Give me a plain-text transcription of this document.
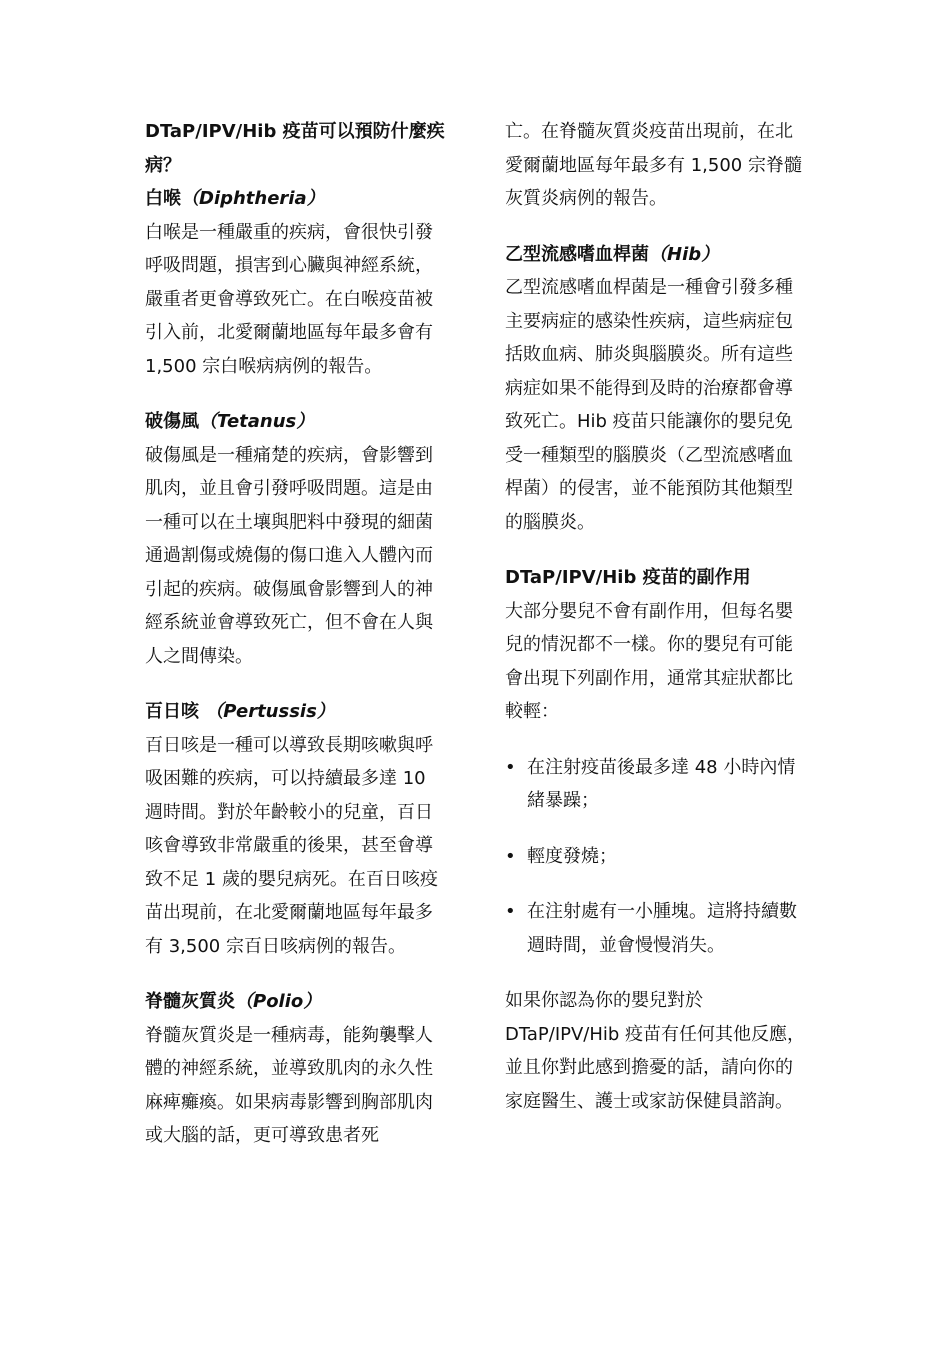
DTaP/IPV/Hib 疫苗可以預防什麼疾病？

白喉（Diphtheria）

白喉是一種嚴重的疾病，會很快引發呼吸問題，損害到心臟與神經系統，嚴重者更會導致死亡。在白喉疫苗被引入前，北愛爾蘭地區每年最多會有 1,500 宗白喉病病例的報告。

破傷風（Tetanus）

破傷風是一種痛楚的疾病，會影響到肌肉，並且會引發呼吸問題。這是由一種可以在土壤與肥料中發現的細菌通過割傷或燒傷的傷口進入人體內而引起的疾病。破傷風會影響到人的神經系統並會導致死亡，但不會在人與人之間傳染。

百日咳 （Pertussis）

百日咳是一種可以導致長期咳嗽與呼吸困難的疾病，可以持續最多達 10 週時間。對於年齡較小的兒童，百日咳會導致非常嚴重的後果，甚至會導致不足 1 歲的嬰兒病死。在百日咳疫苗出現前，在北愛爾蘭地區每年最多有 3,500 宗百日咳病例的報告。

脊髓灰質炎（Polio）

脊髓灰質炎是一種病毒，能夠襲擊人體的神經系統，並導致肌肉的永久性麻痺癱瘓。如果病毒影響到胸部肌肉或大腦的話，更可導致患者死

亡。在脊髓灰質炎疫苗出現前，在北愛爾蘭地區每年最多有 1,500 宗脊髓灰質炎病例的報告。

乙型流感嗜血桿菌（Hib）

乙型流感嗜血桿菌是一種會引發多種主要病症的感染性疾病，這些病症包括敗血病、肺炎與腦膜炎。所有這些病症如果不能得到及時的治療都會導致死亡。Hib 疫苗只能讓你的嬰兒免受一種類型的腦膜炎（乙型流感嗜血桿菌）的侵害，並不能預防其他類型的腦膜炎。

DTaP/IPV/Hib 疫苗的副作用

大部分嬰兒不會有副作用，但每名嬰兒的情況都不一樣。你的嬰兒有可能會出現下列副作用，通常其症狀都比較輕：

• 在注射疫苗後最多達 48 小時內情緒暴躁；
• 輕度發燒；
• 在注射處有一小腫塊。這將持續數週時間，並會慢慢消失。

如果你認為你的嬰兒對於DTaP/IPV/Hib 疫苗有任何其他反應，並且你對此感到擔憂的話，請向你的家庭醫生、護士或家訪保健員諮詢。
